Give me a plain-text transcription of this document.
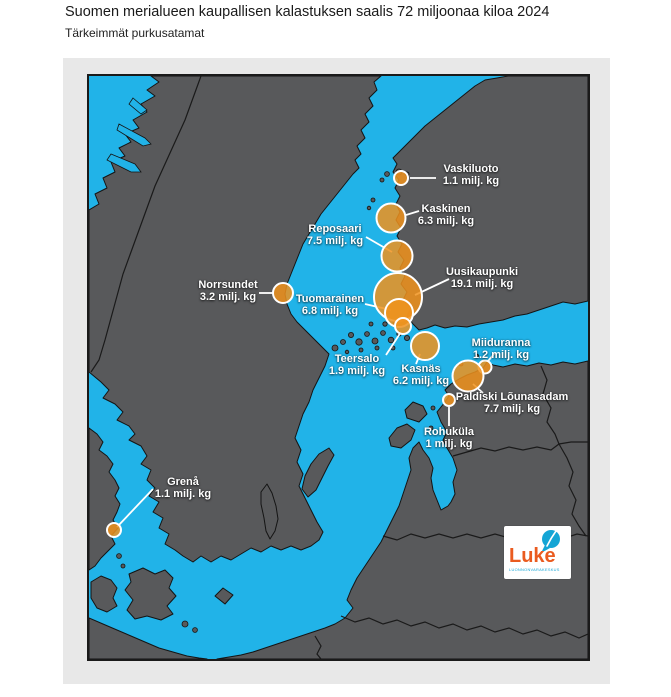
Suomen merialueen kaupallisen kalastuksen saalis 72 miljoonaa kiloa 2024
Tärkeimmät purkusatamat
Vaskiluoto
1.1 milj. kg
Kaskinen
6.3 milj. kg
Reposaari
7.5 milj. kg
Uusikaupunki
19.1 milj. kg
Tuomarainen
6.8 milj. kg
Norrsundet
3.2 milj. kg
Teersalo
1.9 milj. kg	Kasnäs
6.2 milj. kg
Miiduranna
1.2 milj. kg
Paldiski Lõunasadam
7.7 milj. kg
Rohuküla
1 milj. kg
Grenå
1.1 milj. kg
Luke
LUONNONVARAKESKUS
